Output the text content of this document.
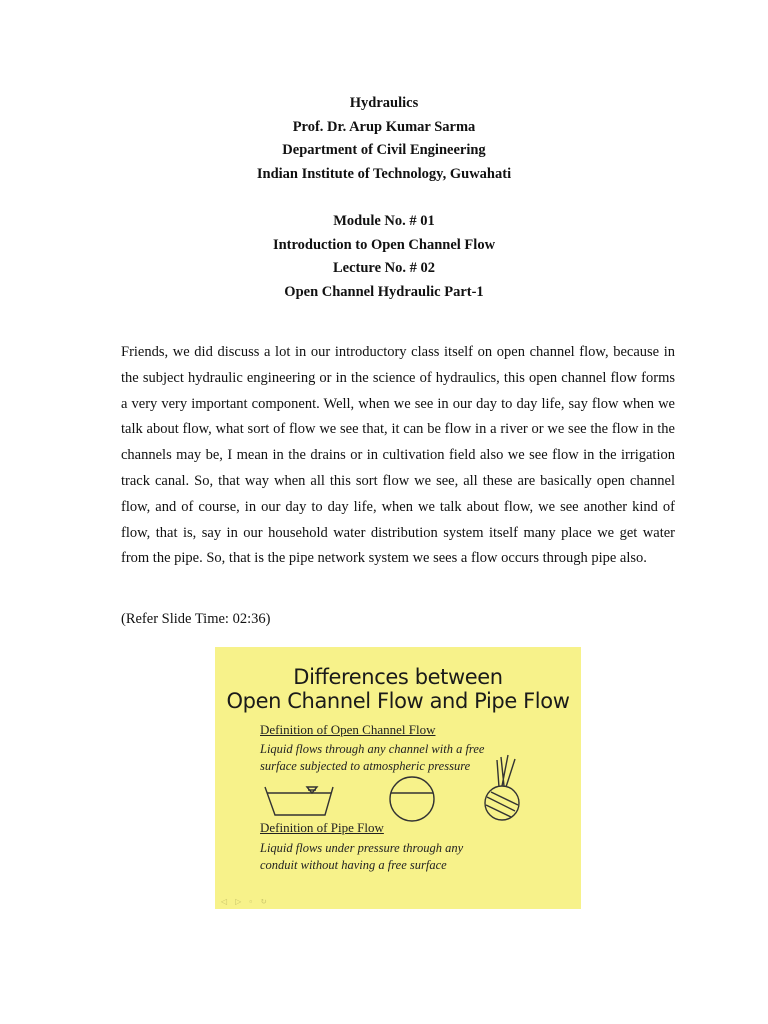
Hydraulics
Prof. Dr. Arup Kumar Sarma
Department of Civil Engineering
Indian Institute of Technology, Guwahati
Module No. # 01
Introduction to Open Channel Flow
Lecture No. # 02
Open Channel Hydraulic Part-1
Friends, we did discuss a lot in our introductory class itself on open channel flow, because in the subject hydraulic engineering or in the science of hydraulics, this open channel flow forms a very very important component. Well, when we see in our day to day life, say flow when we talk about flow, what sort of flow we see that, it can be flow in a river or we see the flow in the channels may be, I mean in the drains or in cultivation field also we see flow in the irrigation track canal. So, that way when all this sort flow we see, all these are basically open channel flow, and of course, in our day to day life, when we talk about flow, we see another kind of flow, that is, say in our household water distribution system itself many place we get water from the pipe. So, that is the pipe network system we sees a flow occurs through pipe also.
(Refer Slide Time: 02:36)
Differences between
Open Channel Flow and Pipe Flow
Definition of Open Channel Flow
Liquid flows through any channel with a free
surface subjected to atmospheric pressure
Definition of Pipe Flow
Liquid flows under pressure through any
conduit without having a free surface
◁ ▷ ▫ ↻
